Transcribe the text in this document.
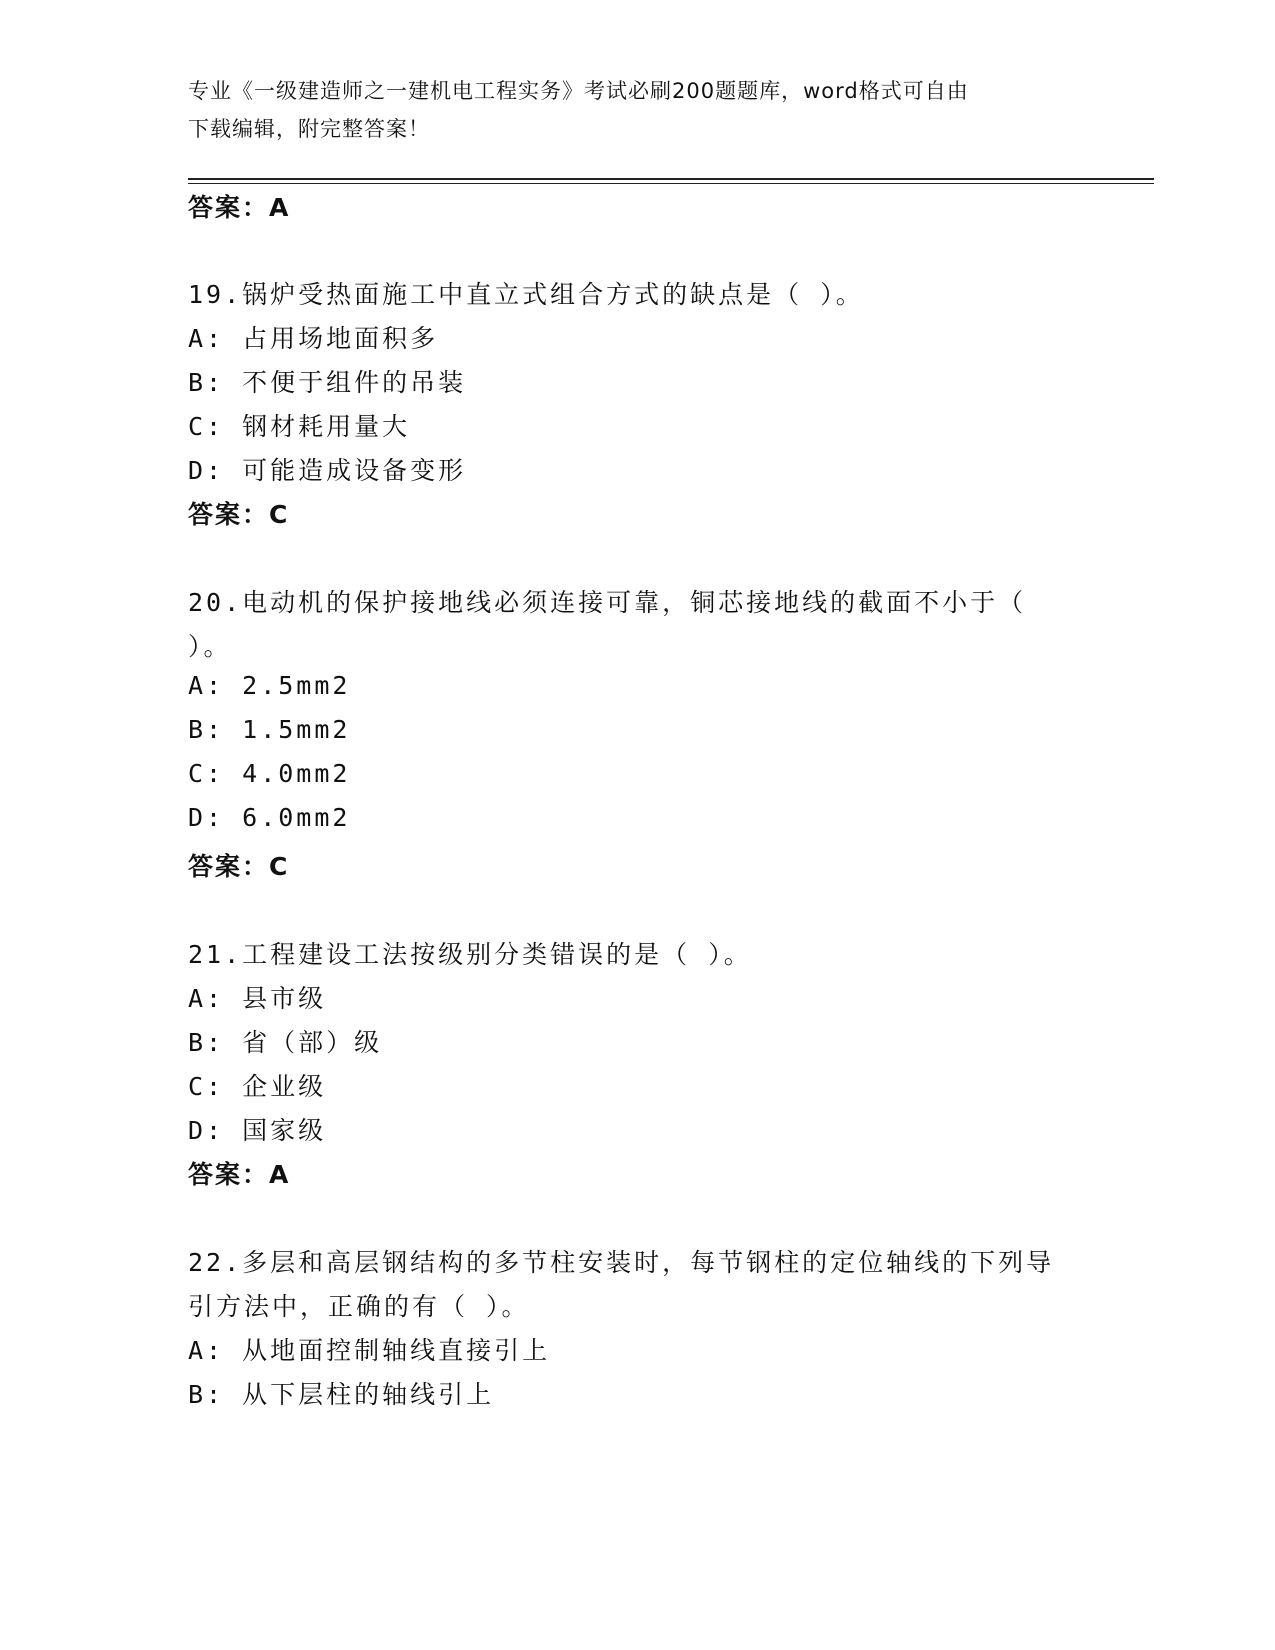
专业《一级建造师之一建机电工程实务》考试必刷200题题库，word格式可自由
下载编辑，附完整答案！
答案：A
19.锅炉受热面施工中直立式组合方式的缺点是（ ）。
A: 占用场地面积多
B: 不便于组件的吊装
C: 钢材耗用量大
D: 可能造成设备变形
答案：C
20.电动机的保护接地线必须连接可靠，铜芯接地线的截面不小于（
）。
A: 2.5mm2
B: 1.5mm2
C: 4.0mm2
D: 6.0mm2
答案：C
21.工程建设工法按级别分类错误的是（ ）。
A: 县市级
B: 省（部）级
C: 企业级
D: 国家级
答案：A
22.多层和高层钢结构的多节柱安装时，每节钢柱的定位轴线的下列导
引方法中，正确的有（ ）。
A: 从地面控制轴线直接引上
B: 从下层柱的轴线引上
